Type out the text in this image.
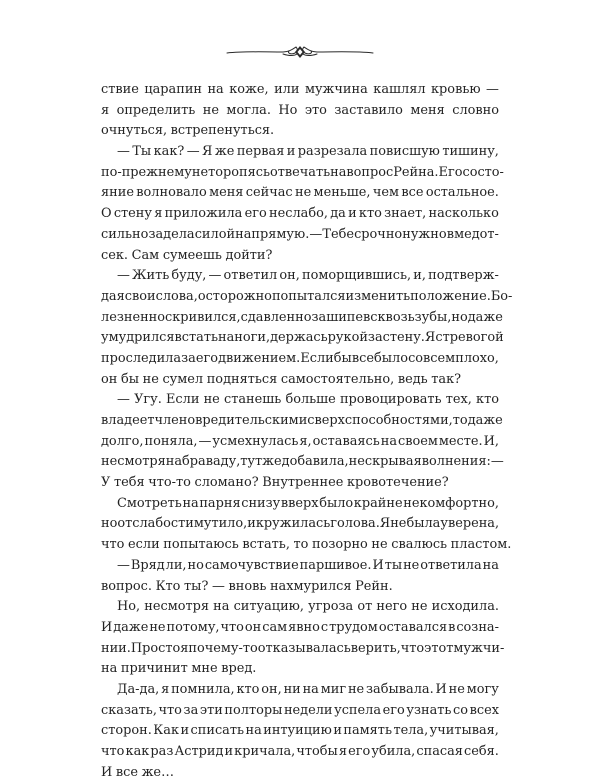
ствие царапин на коже, или мужчина кашлял кровью —
я определить не могла. Но это заставило меня словно
очнуться, встрепенуться.
— Ты как? — Я же первая и разрезала повисшую тишину,
по-прежнему не торопясь отвечать на вопрос Рейна. Его состо-
яние волновало меня сейчас не меньше, чем все остальное.
О стену я приложила его неслабо, да и кто знает, насколько
сильно задела силой напрямую. — Тебе срочно нужно в медот-
сек. Сам сумеешь дойти?
— Жить буду, — ответил он, поморщившись, и, подтверж-
дая свои слова, осторожно попытался изменить положение. Бо-
лезненно скривился, сдавленно зашипев сквозь зубы, но даже
умудрился встать на ноги, держась рукой за стену. Я с тревогой
проследила за его движением. Если бы все было совсем плохо,
он бы не сумел подняться самостоятельно, ведь так?
— Угу. Если не станешь больше провоцировать тех, кто
владеет членовредительскими сверхспособностями, то даже
долго, поняла, — усмехнулась я, оставаясь на своем месте. И,
несмотря на браваду, тут же добавила, не скрывая волнения: —
У тебя что-то сломано? Внутреннее кровотечение?
Смотреть на парня снизу вверх было крайне некомфортно,
но от слабости мутило, и кружилась голова. Я не была уверена,
что если попытаюсь встать, то позорно не свалюсь пластом.
— Вряд ли, но самочувствие паршивое. И ты не ответила на
вопрос. Кто ты? — вновь нахмурился Рейн.
Но, несмотря на ситуацию, угроза от него не исходила.
И даже не потому, что он сам явно с трудом оставался в созна-
нии. Просто я почему-то отказывалась верить, что этот мужчи-
на причинит мне вред.
Да-да, я помнила, кто он, ни на миг не забывала. И не могу
сказать, что за эти полторы недели успела его узнать со всех
сторон. Как и списать на интуицию и память тела, учитывая,
что как раз Астрид и кричала, чтобы я его убила, спасая себя.
И все же…
